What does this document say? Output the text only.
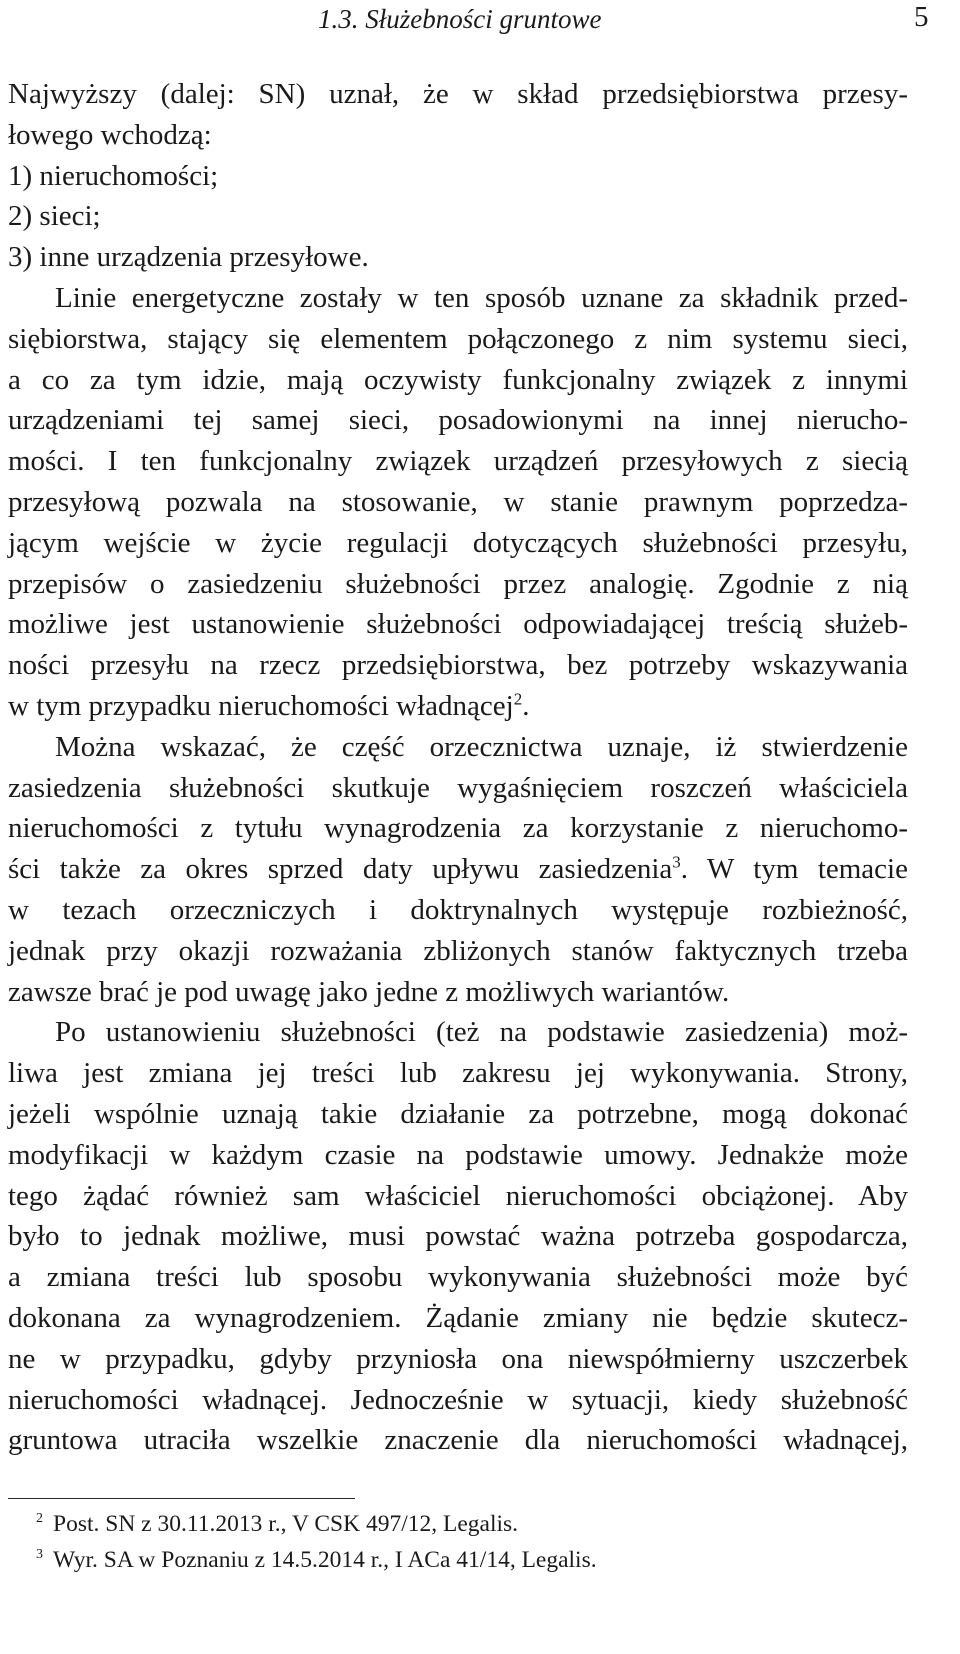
1.3. Służebności gruntowe	5
Najwyższy (dalej: SN) uznał, że w skład przedsiębiorstwa przesy-
łowego wchodzą:
1) nieruchomości;
2) sieci;
3) inne urządzenia przesyłowe.
Linie energetyczne zostały w ten sposób uznane za składnik przed-
siębiorstwa, stający się elementem połączonego z nim systemu sieci,
a co za tym idzie, mają oczywisty funkcjonalny związek z innymi
urządzeniami tej samej sieci, posadowionymi na innej nierucho-
mości. I ten funkcjonalny związek urządzeń przesyłowych z siecią
przesyłową pozwala na stosowanie, w stanie prawnym poprzedza-
jącym wejście w życie regulacji dotyczących służebności przesyłu,
przepisów o zasiedzeniu służebności przez analogię. Zgodnie z nią
możliwe jest ustanowienie służebności odpowiadającej treścią służeb-
ności przesyłu na rzecz przedsiębiorstwa, bez potrzeby wskazywania
w tym przypadku nieruchomości władnącej$^2$.
Można wskazać, że część orzecznictwa uznaje, iż stwierdzenie
zasiedzenia służebności skutkuje wygaśnięciem roszczeń właściciela
nieruchomości z tytułu wynagrodzenia za korzystanie z nieruchomo-
ści także za okres sprzed daty upływu zasiedzenia$^3$. W tym temacie
w tezach orzeczniczych i doktrynalnych występuje rozbieżność,
jednak przy okazji rozważania zbliżonych stanów faktycznych trzeba
zawsze brać je pod uwagę jako jedne z możliwych wariantów.
Po ustanowieniu służebności (też na podstawie zasiedzenia) moż-
liwa jest zmiana jej treści lub zakresu jej wykonywania. Strony,
jeżeli wspólnie uznają takie działanie za potrzebne, mogą dokonać
modyfikacji w każdym czasie na podstawie umowy. Jednakże może
tego żądać również sam właściciel nieruchomości obciążonej. Aby
było to jednak możliwe, musi powstać ważna potrzeba gospodarcza,
a zmiana treści lub sposobu wykonywania służebności może być
dokonana za wynagrodzeniem. Żądanie zmiany nie będzie skutecz-
ne w przypadku, gdyby przyniosła ona niewspółmierny uszczerbek
nieruchomości władnącej. Jednocześnie w sytuacji, kiedy służebność
gruntowa utraciła wszelkie znaczenie dla nieruchomości władnącej,
$^2$ Post. SN z 30.11.2013 r., V CSK 497/12, Legalis.
$^3$ Wyr. SA w Poznaniu z 14.5.2014 r., I ACa 41/14, Legalis.
